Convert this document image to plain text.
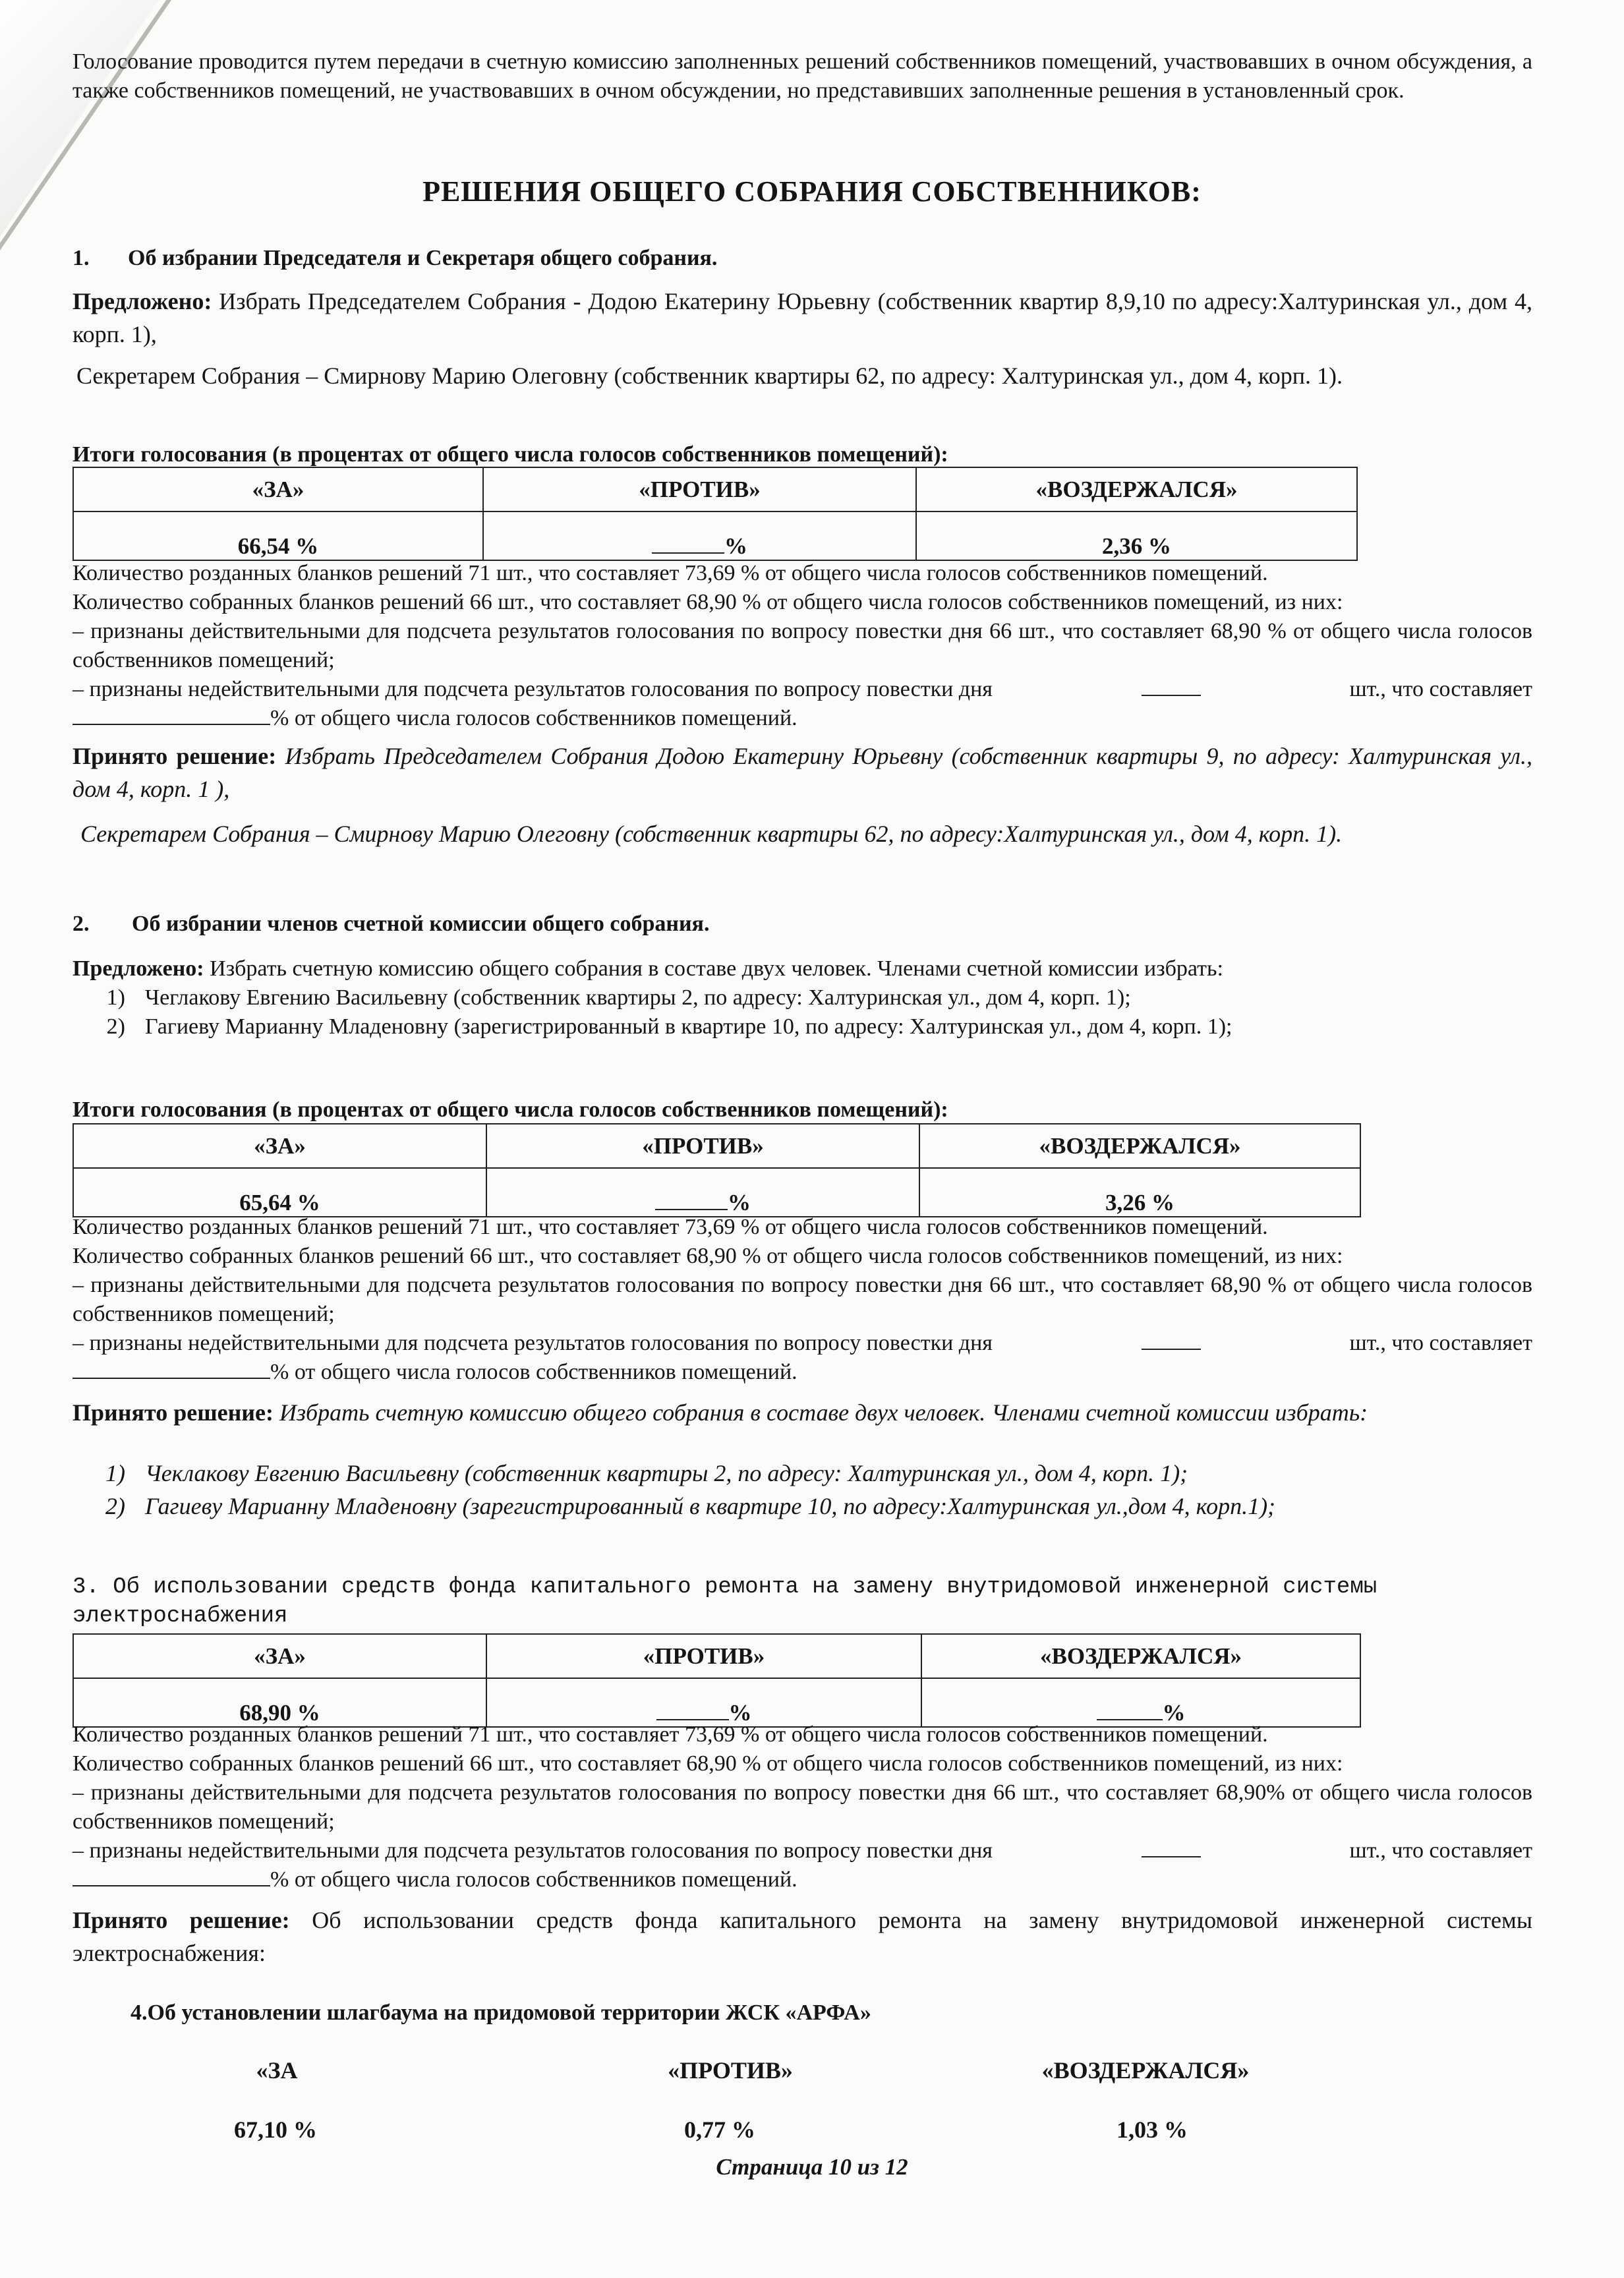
Голосование проводится путем передачи в счетную комиссию заполненных решений собственников помещений, участвовавших в очном обсуждения, а также собственников помещений, не участвовавших в очном обсуждении, но представивших заполненные решения в установленный срок.

РЕШЕНИЯ ОБЩЕГО СОБРАНИЯ СОБСТВЕННИКОВ:

1. Об избрании Председателя и Секретаря общего собрания.

Предложено: Избрать Председателем Собрания - Додою Екатерину Юрьевну (собственник квартир 8,9,10 по адресу:Халтуринская ул., дом 4, корп. 1),

Секретарем Собрания – Смирнову Марию Олеговну (собственник квартиры 62, по адресу: Халтуринская ул., дом 4, корп. 1).

Итоги голосования (в процентах от общего числа голосов собственников помещений):

«ЗА»	«ПРОТИВ»	«ВОЗДЕРЖАЛСЯ»
66,54 %	%	2,36 %

Количество розданных бланков решений 71 шт., что составляет 73,69 % от общего числа голосов собственников помещений.

Количество собранных бланков решений 66 шт., что составляет 68,90 % от общего числа голосов собственников помещений, из них:

– признаны действительными для подсчета результатов голосования по вопросу повестки дня 66 шт., что составляет 68,90 % от общего числа голосов собственников помещений;

– признаны недействительными для подсчета результатов голосования по вопросу повестки дня	шт., что составляет

% от общего числа голосов собственников помещений.

Принято решение: Избрать Председателем Собрания Додою Екатерину Юрьевну (собственник квартиры 9, по адресу: Халтуринская ул., дом 4, корп. 1 ),

Секретарем Собрания – Смирнову Марию Олеговну (собственник квартиры 62, по адресу:Халтуринская ул., дом 4, корп. 1).

2. Об избрании членов счетной комиссии общего собрания.

Предложено: Избрать счетную комиссию общего собрания в составе двух человек. Членами счетной комиссии избрать:

1) Чеглакову Евгению Васильевну (собственник квартиры 2, по адресу: Халтуринская ул., дом 4, корп. 1);
2) Гагиеву Марианну Младеновну (зарегистрированный в квартире 10, по адресу: Халтуринская ул., дом 4, корп. 1);

Итоги голосования (в процентах от общего числа голосов собственников помещений):

«ЗА»	«ПРОТИВ»	«ВОЗДЕРЖАЛСЯ»
65,64 %	%	3,26 %

Количество розданных бланков решений 71 шт., что составляет 73,69 % от общего числа голосов собственников помещений.

Количество собранных бланков решений 66 шт., что составляет 68,90 % от общего числа голосов собственников помещений, из них:

– признаны действительными для подсчета результатов голосования по вопросу повестки дня 66 шт., что составляет 68,90 % от общего числа голосов собственников помещений;

– признаны недействительными для подсчета результатов голосования по вопросу повестки дня	шт., что составляет

% от общего числа голосов собственников помещений.

Принято решение: Избрать счетную комиссию общего собрания в составе двух человек. Членами счетной комиссии избрать:

1) Чеклакову Евгению Васильевну (собственник квартиры 2, по адресу: Халтуринская ул., дом 4, корп. 1);
2) Гагиеву Марианну Младеновну (зарегистрированный в квартире 10, по адресу:Халтуринская ул.,дом 4, корп.1);

3. Об использовании средств фонда капитального ремонта на замену внутридомовой инженерной системы электроснабжения

«ЗА»	«ПРОТИВ»	«ВОЗДЕРЖАЛСЯ»
68,90 %	%	%

Количество розданных бланков решений 71 шт., что составляет 73,69 % от общего числа голосов собственников помещений.

Количество собранных бланков решений 66 шт., что составляет 68,90 % от общего числа голосов собственников помещений, из них:

– признаны действительными для подсчета результатов голосования по вопросу повестки дня 66 шт., что составляет 68,90% от общего числа голосов собственников помещений;

– признаны недействительными для подсчета результатов голосования по вопросу повестки дня	шт., что составляет

% от общего числа голосов собственников помещений.

Принято решение: Об использовании средств фонда капитального ремонта на замену внутридомовой инженерной системы электроснабжения:

4.Об установлении шлагбаума на придомовой территории ЖСК «АРФА»

«ЗА	«ПРОТИВ»	«ВОЗДЕРЖАЛСЯ»
67,10 %	0,77 %	1,03 %

Страница 10 из 12
